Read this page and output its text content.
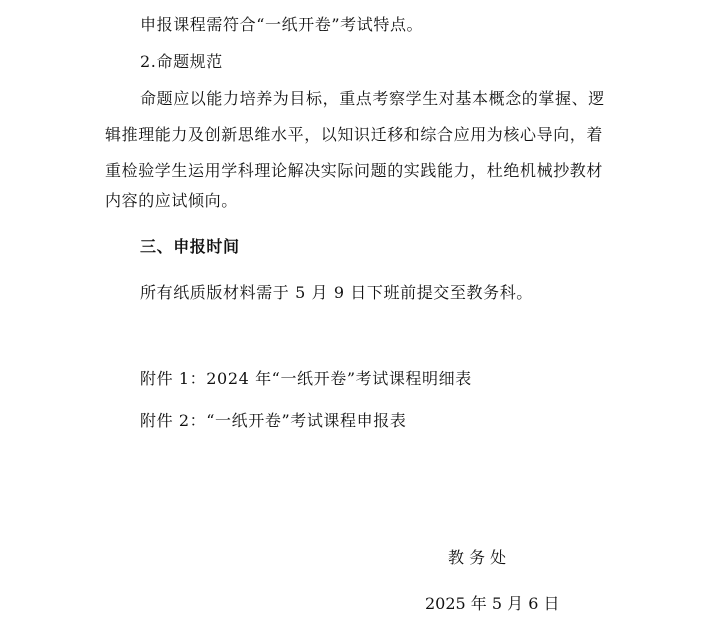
申报课程需符合“一纸开卷”考试特点。
2.命题规范
命题应以能力培养为目标，重点考察学生对基本概念的掌握、逻
辑推理能力及创新思维水平，以知识迁移和综合应用为核心导向，着
重检验学生运用学科理论解决实际问题的实践能力，杜绝机械抄教材
内容的应试倾向。
三、申报时间
所有纸质版材料需于 5 月 9 日下班前提交至教务科。
附件 1：2024 年“一纸开卷”考试课程明细表
附件 2：“一纸开卷”考试课程申报表
教 务 处
2025 年 5 月 6 日
